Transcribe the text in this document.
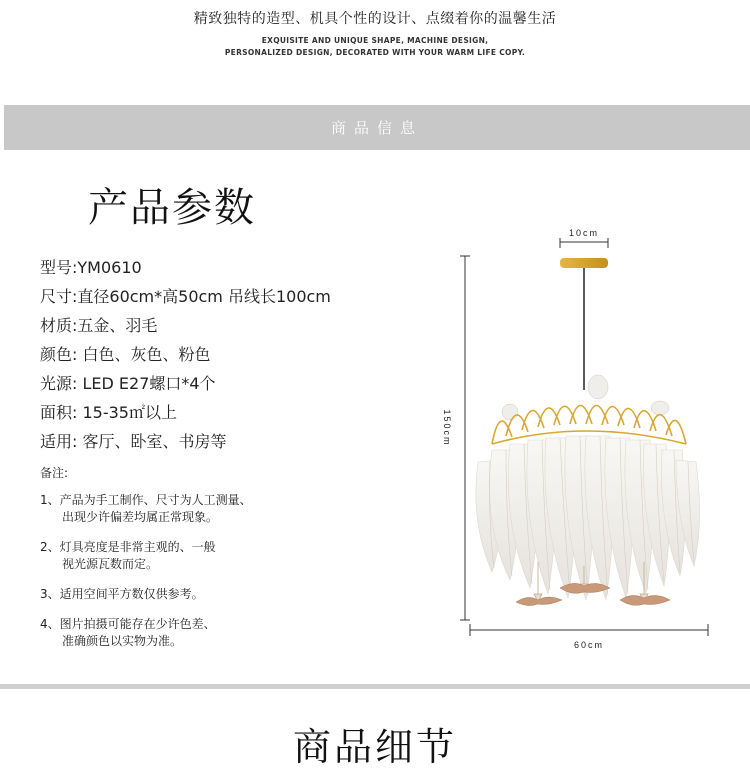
精致独特的造型、机具个性的设计、点缀着你的温馨生活
EXQUISITE AND UNIQUE SHAPE, MACHINE DESIGN,
PERSONALIZED DESIGN, DECORATED WITH YOUR WARM LIFE COPY.
商品信息
产品参数
型号:YM0610
尺寸:直径60cm*高50cm 吊线长100cm
材质:五金、羽毛
颜色: 白色、灰色、粉色
光源: LED E27螺口*4个
面积: 15-35㎡以上
适用: 客厅、卧室、书房等
备注:
1、产品为手工制作、尺寸为人工测量、
出现少许偏差均属正常现象。
2、灯具亮度是非常主观的、一般
视光源瓦数而定。
3、适用空间平方数仅供参考。
4、图片拍摄可能存在少许色差、
准确颜色以实物为准。
10cm
150cm
60cm
商品细节
